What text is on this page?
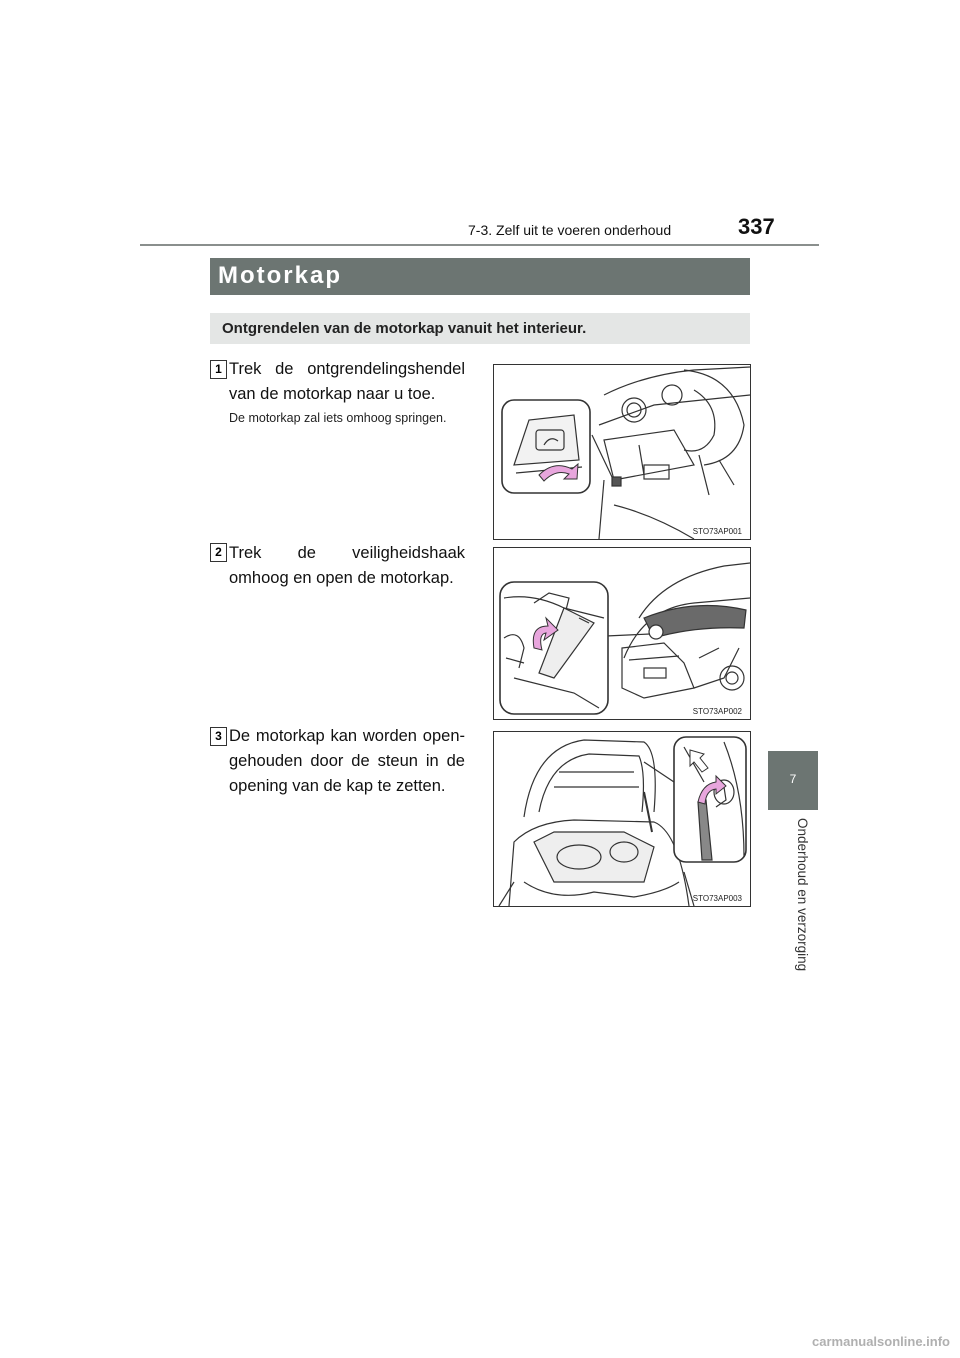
7-3. Zelf uit te voeren onderhoud	337
Motorkap
Ontgrendelen van de motorkap vanuit het interieur.
1 Trek de ontgrendelingshendel van de motorkap naar u toe.
De motorkap zal iets omhoog springen.
STO73AP001
2 Trek de veiligheidshaak omhoog en open de motorkap.
STO73AP002
3 De motorkap kan worden open-gehouden door de steun in de opening van de kap te zetten.
STO73AP003
7
Onderhoud en verzorging
carmanualsonline.info
